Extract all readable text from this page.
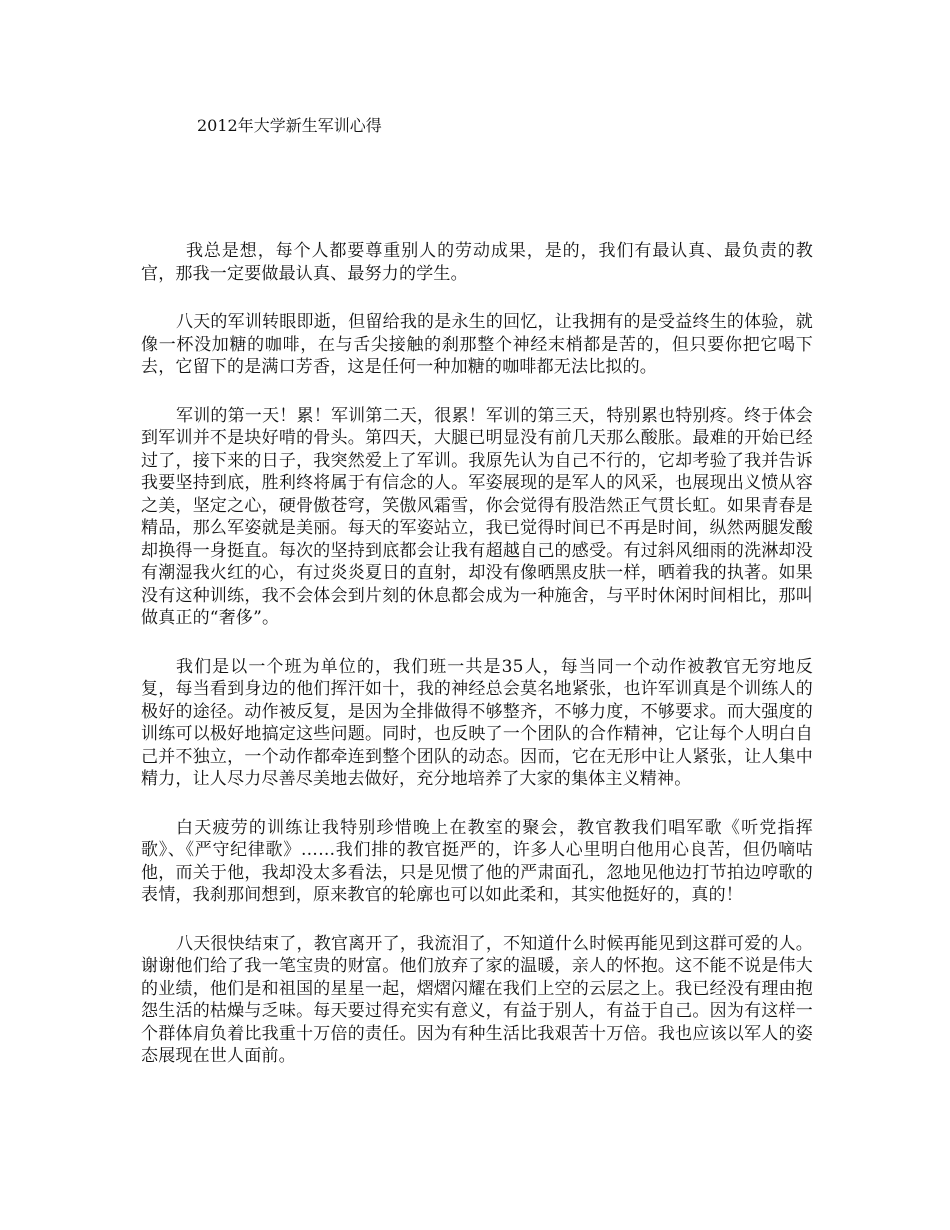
2012年大学新生军训心得

我总是想，每个人都要尊重别人的劳动成果，是的，我们有最认真、最负责的教官，那我一定要做最认真、最努力的学生。

八天的军训转眼即逝，但留给我的是永生的回忆，让我拥有的是受益终生的体验，就像一杯没加糖的咖啡，在与舌尖接触的刹那整个神经末梢都是苦的，但只要你把它喝下去，它留下的是满口芳香，这是任何一种加糖的咖啡都无法比拟的。

军训的第一天！累！军训第二天，很累！军训的第三天，特别累也特别疼。终于体会到军训并不是块好啃的骨头。第四天，大腿已明显没有前几天那么酸胀。最难的开始已经过了，接下来的日子，我突然爱上了军训。我原先认为自己不行的，它却考验了我并告诉我要坚持到底，胜利终将属于有信念的人。军姿展现的是军人的风采，也展现出义愤从容之美，坚定之心，硬骨傲苍穹，笑傲风霜雪，你会觉得有股浩然正气贯长虹。如果青春是精品，那么军姿就是美丽。每天的军姿站立，我已觉得时间已不再是时间，纵然两腿发酸却换得一身挺直。每次的坚持到底都会让我有超越自己的感受。有过斜风细雨的洗淋却没有潮湿我火红的心，有过炎炎夏日的直射，却没有像晒黑皮肤一样，晒着我的执著。如果没有这种训练，我不会体会到片刻的休息都会成为一种施舍，与平时休闲时间相比，那叫做真正的“奢侈”。

我们是以一个班为单位的，我们班一共是35人，每当同一个动作被教官无穷地反复，每当看到身边的他们挥汗如十，我的神经总会莫名地紧张，也许军训真是个训练人的极好的途径。动作被反复，是因为全排做得不够整齐，不够力度，不够要求。而大强度的训练可以极好地搞定这些问题。同时，也反映了一个团队的合作精神，它让每个人明白自己并不独立，一个动作都牵连到整个团队的动态。因而，它在无形中让人紧张，让人集中精力，让人尽力尽善尽美地去做好，充分地培养了大家的集体主义精神。

白天疲劳的训练让我特别珍惜晚上在教室的聚会，教官教我们唱军歌《听党指挥歌》、《严守纪律歌》……我们排的教官挺严的，许多人心里明白他用心良苦，但仍嘀咕他，而关于他，我却没太多看法，只是见惯了他的严肃面孔，忽地见他边打节拍边哼歌的表情，我刹那间想到，原来教官的轮廓也可以如此柔和，其实他挺好的，真的！

八天很快结束了，教官离开了，我流泪了，不知道什么时候再能见到这群可爱的人。谢谢他们给了我一笔宝贵的财富。他们放弃了家的温暖，亲人的怀抱。这不能不说是伟大的业绩，他们是和祖国的星星一起，熠熠闪耀在我们上空的云层之上。我已经没有理由抱怨生活的枯燥与乏味。每天要过得充实有意义，有益于别人，有益于自己。因为有这样一个群体肩负着比我重十万倍的责任。因为有种生活比我艰苦十万倍。我也应该以军人的姿态展现在世人面前。
